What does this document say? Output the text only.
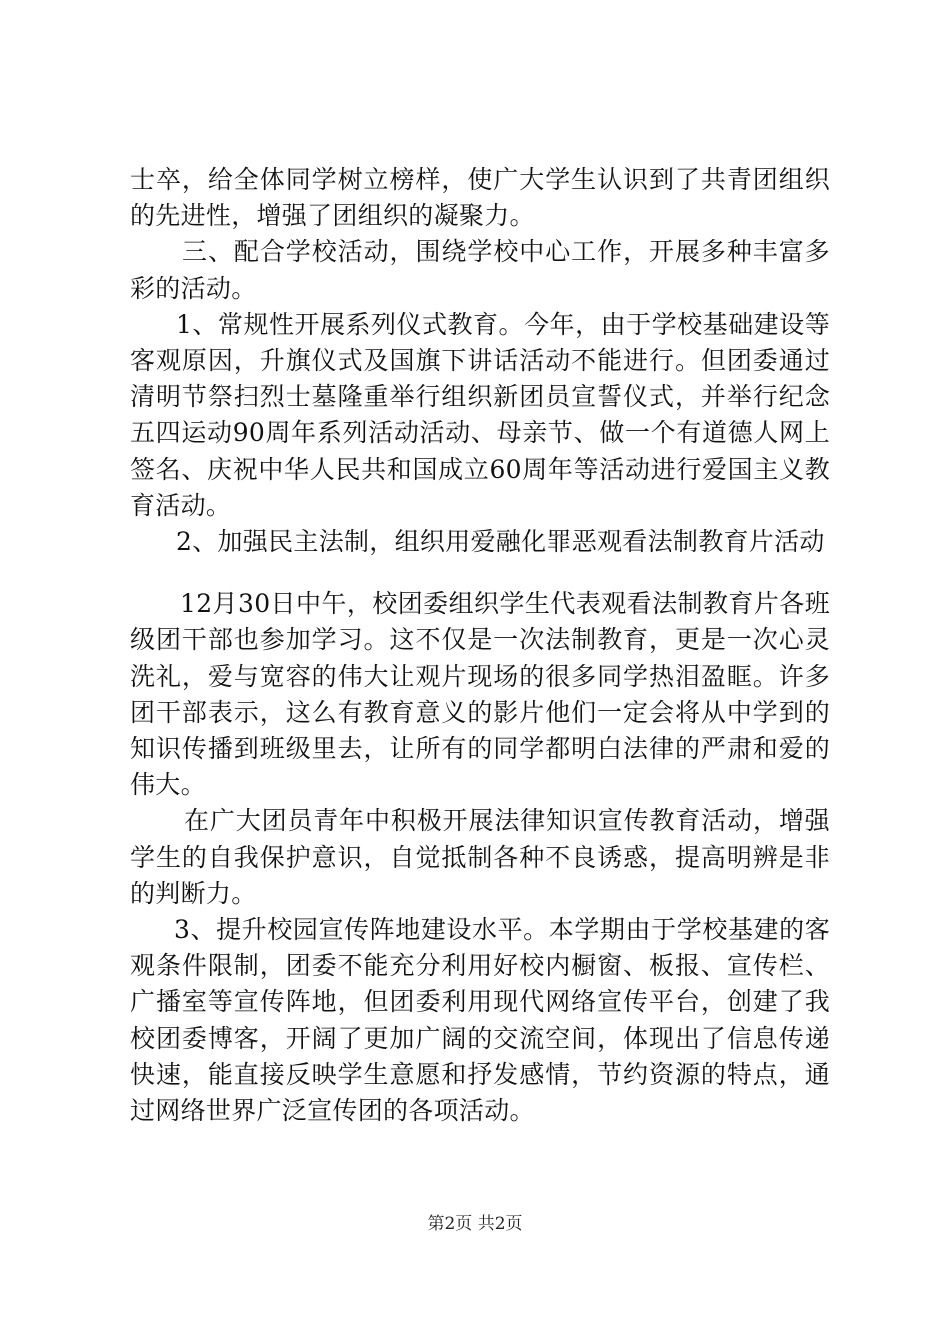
士卒，给全体同学树立榜样，使广大学生认识到了共青团组织的先进性，增强了团组织的凝聚力。

三、配合学校活动，围绕学校中心工作，开展多种丰富多彩的活动。

1、常规性开展系列仪式教育。今年，由于学校基础建设等客观原因，升旗仪式及国旗下讲话活动不能进行。但团委通过清明节祭扫烈士墓隆重举行组织新团员宣誓仪式，并举行纪念五四运动90周年系列活动活动、母亲节、做一个有道德人网上签名、庆祝中华人民共和国成立60周年等活动进行爱国主义教育活动。

2、加强民主法制，组织用爱融化罪恶观看法制教育片活动

12月30日中午，校团委组织学生代表观看法制教育片各班级团干部也参加学习。这不仅是一次法制教育，更是一次心灵洗礼，爱与宽容的伟大让观片现场的很多同学热泪盈眶。许多团干部表示，这么有教育意义的影片他们一定会将从中学到的知识传播到班级里去，让所有的同学都明白法律的严肃和爱的伟大。

在广大团员青年中积极开展法律知识宣传教育活动，增强学生的自我保护意识，自觉抵制各种不良诱惑，提高明辨是非的判断力。

3、提升校园宣传阵地建设水平。本学期由于学校基建的客观条件限制，团委不能充分利用好校内橱窗、板报、宣传栏、广播室等宣传阵地，但团委利用现代网络宣传平台，创建了我校团委博客，开阔了更加广阔的交流空间，体现出了信息传递快速，能直接反映学生意愿和抒发感情，节约资源的特点，通过网络世界广泛宣传团的各项活动。

第2页 共2页
